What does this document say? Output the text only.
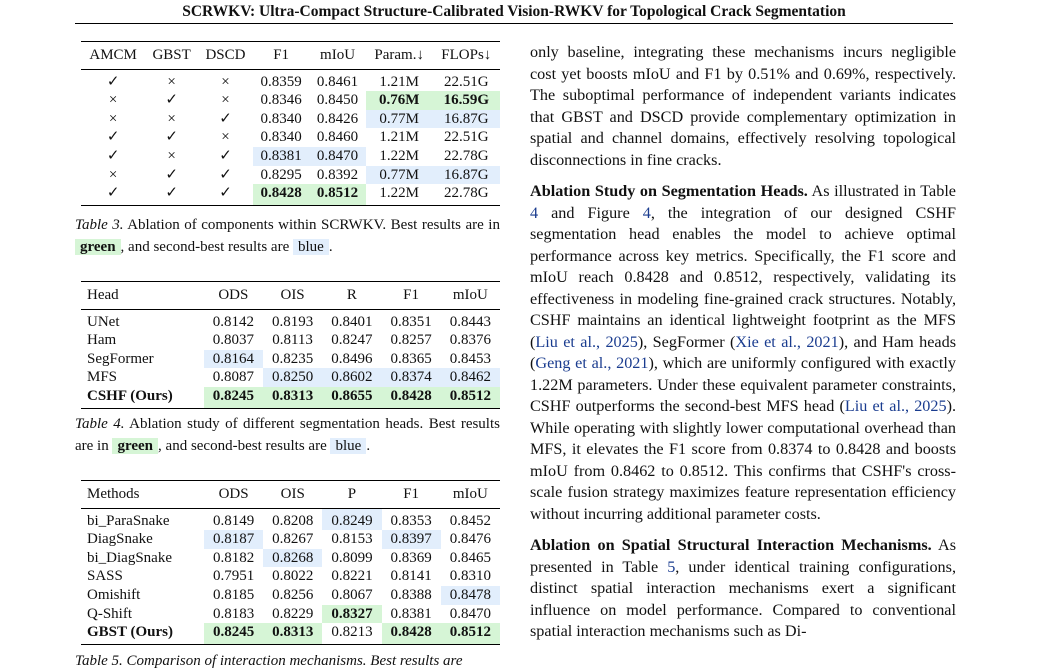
SCRWKV: Ultra-Compact Structure-Calibrated Vision-RWKV for Topological Crack Segmentation
AMCM	GBST	DSCD	F1	mIoU	Param.↓	FLOPs↓
✓	×	×	0.8359	0.8461	1.21M	22.51G
×	✓	×	0.8346	0.8450	0.76M	16.59G
×	×	✓	0.8340	0.8426	0.77M	16.87G
✓	✓	×	0.8340	0.8460	1.21M	22.51G
✓	×	✓	0.8381	0.8470	1.22M	22.78G
×	✓	✓	0.8295	0.8392	0.77M	16.87G
✓	✓	✓	0.8428	0.8512	1.22M	22.78G
Table 3. Ablation of components within SCRWKV. Best results are in green , and second-best results are blue .
Head	ODS	OIS	R	F1	mIoU
UNet	0.8142	0.8193	0.8401	0.8351	0.8443
Ham	0.8037	0.8113	0.8247	0.8257	0.8376
SegFormer	0.8164	0.8235	0.8496	0.8365	0.8453
MFS	0.8087	0.8250	0.8602	0.8374	0.8462
CSHF (Ours)	0.8245	0.8313	0.8655	0.8428	0.8512
Table 4. Ablation study of different segmentation heads. Best results are in green , and second-best results are blue .
Methods	ODS	OIS	P	F1	mIoU
bi_ParaSnake	0.8149	0.8208	0.8249	0.8353	0.8452
DiagSnake	0.8187	0.8267	0.8153	0.8397	0.8476
bi_DiagSnake	0.8182	0.8268	0.8099	0.8369	0.8465
SASS	0.7951	0.8022	0.8221	0.8141	0.8310
Omishift	0.8185	0.8256	0.8067	0.8388	0.8478
Q-Shift	0.8183	0.8229	0.8327	0.8381	0.8470
GBST (Ours)	0.8245	0.8313	0.8213	0.8428	0.8512
Table 5. Comparison of interaction mechanisms. Best results are

only baseline, integrating these mechanisms incurs negligible cost yet boosts mIoU and F1 by 0.51% and 0.69%, respectively. The suboptimal performance of independent variants indicates that GBST and DSCD provide complementary optimization in spatial and channel domains, effectively resolving topological disconnections in fine cracks.

Ablation Study on Segmentation Heads. As illustrated in Table 4 and Figure 4, the integration of our designed CSHF segmentation head enables the model to achieve optimal performance across key metrics. Specifically, the F1 score and mIoU reach 0.8428 and 0.8512, respectively, validating its effectiveness in modeling fine-grained crack structures. Notably, CSHF maintains an identical lightweight footprint as the MFS (Liu et al., 2025), SegFormer (Xie et al., 2021), and Ham heads (Geng et al., 2021), which are uniformly configured with exactly 1.22M parameters. Under these equivalent parameter constraints, CSHF outperforms the second-best MFS head (Liu et al., 2025). While operating with slightly lower computational overhead than MFS, it elevates the F1 score from 0.8374 to 0.8428 and boosts mIoU from 0.8462 to 0.8512. This confirms that CSHF's cross-scale fusion strategy maximizes feature representation efficiency without incurring additional parameter costs.

Ablation on Spatial Structural Interaction Mechanisms. As presented in Table 5, under identical training configurations, distinct spatial interaction mechanisms exert a significant influence on model performance. Compared to conventional spatial interaction mechanisms such as Di-
